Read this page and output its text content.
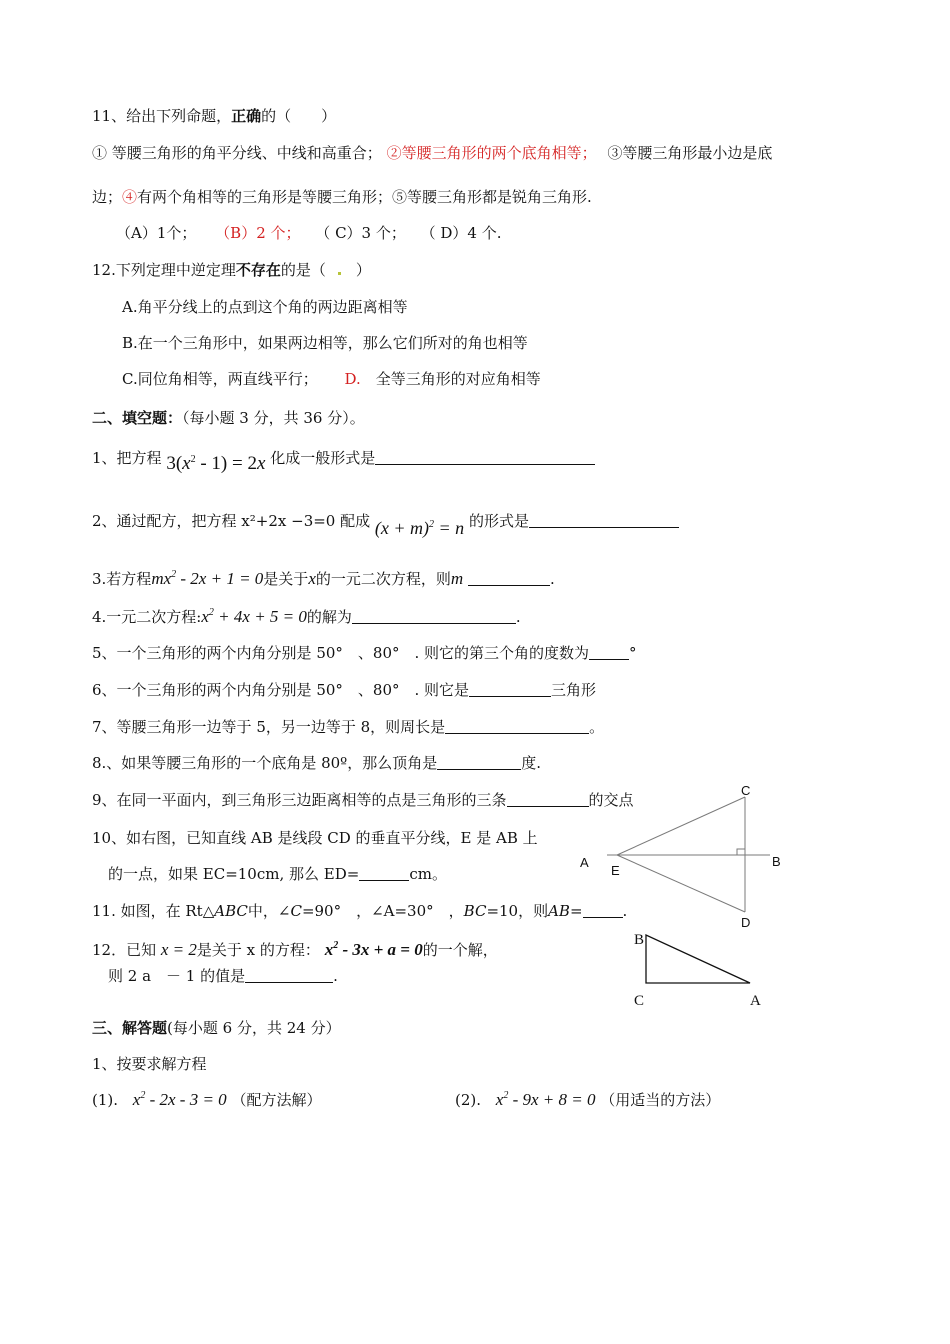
11、给出下列命题，正确的（　　）
① 等腰三角形的角平分线、中线和高重合； ②等腰三角形的两个底角相等； ③等腰三角形最小边是底
边；④有两个角相等的三角形是等腰三角形；⑤等腰三角形都是锐角三角形.
（A）1个； （B）2 个； （ C）3 个； （ D）4 个.
12.下列定理中逆定理不存在的是（ ）
A.角平分线上的点到这个角的两边距离相等
B.在一个三角形中，如果两边相等，那么它们所对的角也相等
C.同位角相等，两直线平行； D.　全等三角形的对应角相等
二、填空题：（每小题 3 分，共 36 分）。
1、把方程 $3(x^2 - 1) = 2x$ 化成一般形式是
2、通过配方，把方程 x²+2x −3=0 配成 $(x + m)^2 = n$ 的形式是
3.若方程$mx^2 - 2x + 1 = 0$是关于x的一元二次方程，则m	.
4.一元二次方程$:x^2 + 4x + 5 = 0$的解为	.
5、一个三角形的两个内角分别是 50°　、80°　. 则它的第三个角的度数为	°
6、一个三角形的两个内角分别是 50°　、80°　. 则它是	三角形
7、等腰三角形一边等于 5，另一边等于 8，则周长是	。
8.、如果等腰三角形的一个底角是 80º，那么顶角是	度.
9、在同一平面内，到三角形三边距离相等的点是三角形的三条	的交点
10、如右图，已知直线 AB 是线段 CD 的垂直平分线，E 是 AB 上
的一点，如果 EC=10cm, 那么 ED=	cm。
11. 如图，在 Rt△ABC中，∠C=90°　，∠A=30°　，BC=10，则AB=	.
12．已知 x = 2是关于 x 的方程： $x^2 - 3x + a = 0$的一个解，
则 2 a　－ 1 的值是	.
C
A
E
B
D
B
C	A
三、解答题(每小题 6 分，共 24 分）
1、按要求解方程
(1). $x^2 - 2x - 3 = 0$ （配方法解）	(2). $x^2 - 9x + 8 = 0$ （用适当的方法）
